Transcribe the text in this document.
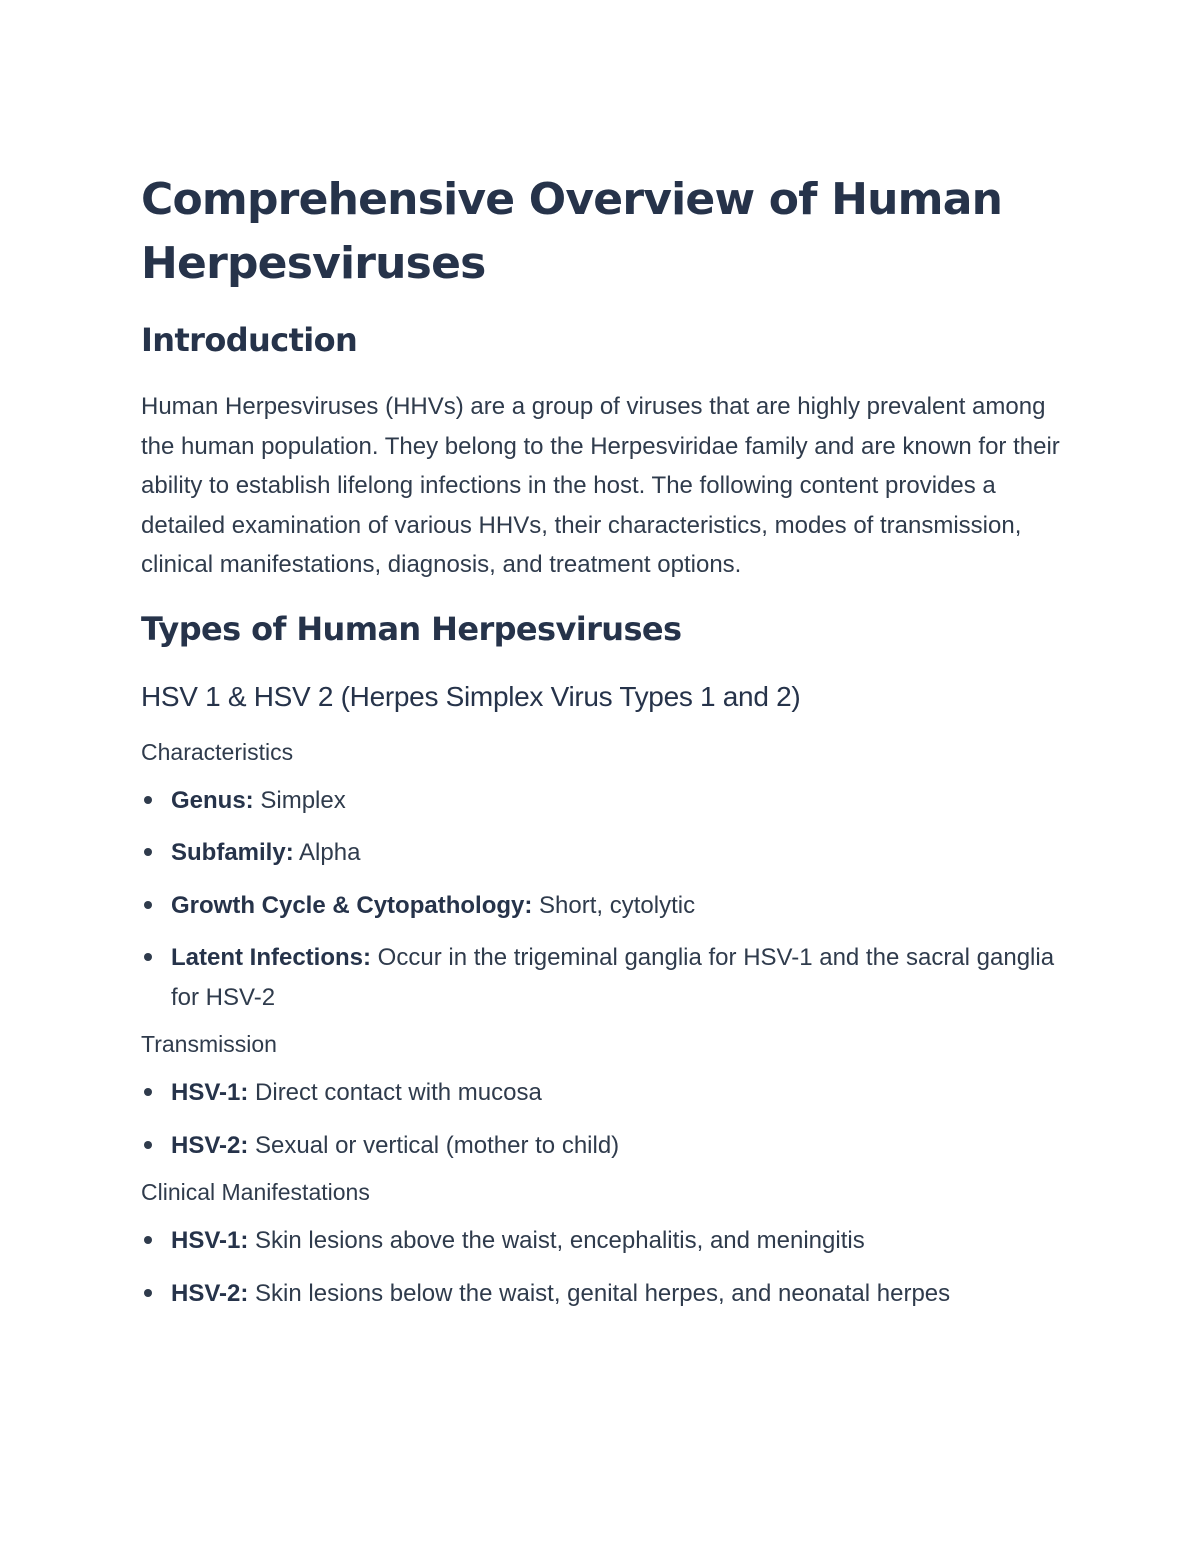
Comprehensive Overview of Human Herpesviruses
Introduction

Human Herpesviruses (HHVs) are a group of viruses that are highly prevalent among the human population. They belong to the Herpesviridae family and are known for their ability to establish lifelong infections in the host. The following content provides a detailed examination of various HHVs, their characteristics, modes of transmission, clinical manifestations, diagnosis, and treatment options.

Types of Human Herpesviruses
HSV 1 & HSV 2 (Herpes Simplex Virus Types 1 and 2)
Characteristics
Genus: Simplex
Subfamily: Alpha
Growth Cycle & Cytopathology: Short, cytolytic
Latent Infections: Occur in the trigeminal ganglia for HSV-1 and the sacral ganglia for HSV-2
Transmission
HSV-1: Direct contact with mucosa
HSV-2: Sexual or vertical (mother to child)
Clinical Manifestations
HSV-1: Skin lesions above the waist, encephalitis, and meningitis
HSV-2: Skin lesions below the waist, genital herpes, and neonatal herpes
